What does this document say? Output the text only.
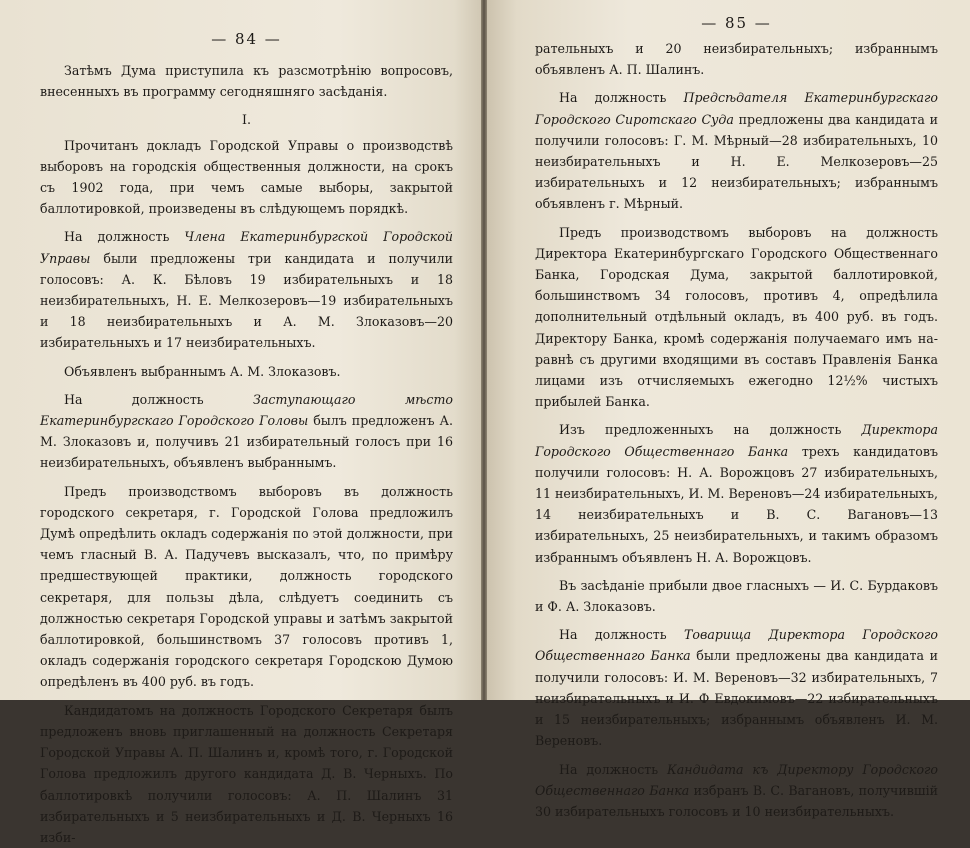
— 84 —

Затѣмъ Дума приступила къ разсмотрѣнію вопросовъ, внесенныхъ въ программу сегодняшняго засѣданія.

I.

Прочитанъ докладъ Городской Управы о производствѣ выборовъ на городскія общественныя должности, на срокъ съ 1902 года, при чемъ самые выборы, закрытой баллотировкой, произведены въ слѣдующемъ порядкѣ.

На должность Члена Екатеринбургской Городской Управы были предложены три кандидата и получили голосовъ: А. К. Бѣловъ 19 избирательныхъ и 18 неизбирательныхъ, Н. Е. Мелкозеровъ—19 избирательныхъ и 18 неизбирательныхъ и А. М. Злоказовъ—20 избирательныхъ и 17 неизбирательныхъ.

Объявленъ выбраннымъ А. М. Злоказовъ.

На должность Заступающаго мѣсто Екатеринбургскаго Городского Головы былъ предложенъ А. М. Злоказовъ и, получивъ 21 избирательный голосъ при 16 неизбирательныхъ, объявленъ выбраннымъ.

Предъ производствомъ выборовъ въ должность городского секретаря, г. Городской Голова предложилъ Думѣ опредѣлить окладъ содержанія по этой должности, при чемъ гласный В. А. Падучевъ высказалъ, что, по примѣру предшествующей практики, должность городского секретаря, для пользы дѣла, слѣдуетъ соединить съ должностью секретаря Городской управы и затѣмъ закрытой баллотировкой, большинствомъ 37 голосовъ противъ 1, окладъ содержанія городского секретаря Городскою Думою опредѣленъ въ 400 руб. въ годъ.

Кандидатомъ на должность Городского Секретаря былъ предложенъ вновь приглашенный на должность Секретаря Городской Управы А. П. Шалинъ и, кромѣ того, г. Городской Голова предложилъ другого кандидата Д. В. Черныхъ. По баллотировкѣ получили голосовъ: А. П. Шалинъ 31 избирательныхъ и 5 неизбирательныхъ и Д. В. Черныхъ 16 изби-

— 85 —

рательныхъ и 20 неизбирательныхъ; избраннымъ объявленъ А. П. Шалинъ.

На должность Предсѣдателя Екатеринбургскаго Городского Сиротскаго Суда предложены два кандидата и получили голосовъ: Г. М. Мѣрный—28 избирательныхъ, 10 неизбирательныхъ и Н. Е. Мелкозеровъ—25 избирательныхъ и 12 неизбирательныхъ; избраннымъ объявленъ г. Мѣрный.

Предъ производствомъ выборовъ на должность Директора Екатеринбургскаго Городского Общественнаго Банка, Городская Дума, закрытой баллотировкой, большинствомъ 34 голосовъ, противъ 4, опредѣлила дополнительный отдѣльный окладъ, въ 400 руб. въ годъ. Директору Банка, кромѣ содержанія получаемаго имъ на-равнѣ съ другими входящими въ составъ Правленія Банка лицами изъ отчисляемыхъ ежегодно 12½% чистыхъ прибылей Банка.

Изъ предложенныхъ на должность Директора Городского Общественнаго Банка трехъ кандидатовъ получили голосовъ: Н. А. Ворожцовъ 27 избирательныхъ, 11 неизбирательныхъ, И. М. Вереновъ—24 избирательныхъ, 14 неизбирательныхъ и В. С. Вагановъ—13 избирательныхъ, 25 неизбирательныхъ, и такимъ образомъ избраннымъ объявленъ Н. А. Ворожцовъ.

Въ засѣданіе прибыли двое гласныхъ — И. С. Бурдаковъ и Ф. А. Злоказовъ.

На должность Товарища Директора Городского Общественнаго Банка были предложены два кандидата и получили голосовъ: И. М. Вереновъ—32 избирательныхъ, 7 неизбирательныхъ и И. Ф Евдокимовъ—22 избирательныхъ и 15 неизбирательныхъ; избраннымъ объявленъ И. М. Вереновъ.

На должность Кандидата къ Директору Городского Общественнаго Банка избранъ В. С. Вагановъ, получившій 30 избирательныхъ голосовъ и 10 неизбирательныхъ.
